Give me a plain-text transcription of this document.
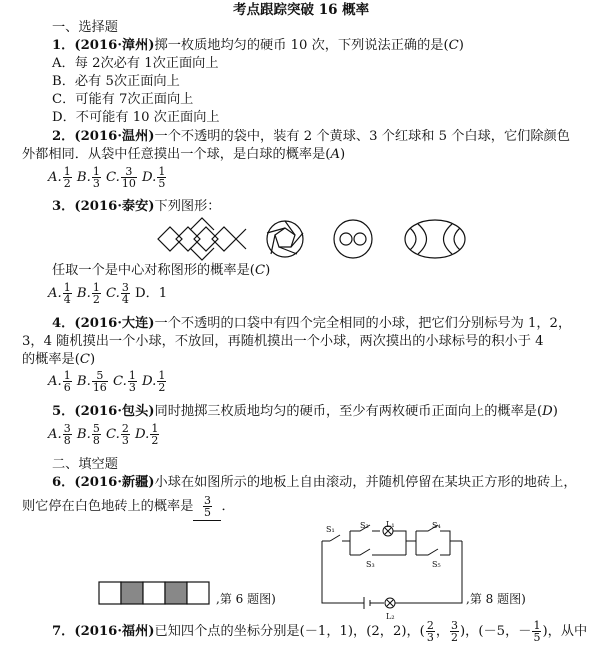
考点跟踪突破 16 概率
一、选择题
1．(2016·漳州)掷一枚质地均匀的硬币 10 次，下列说法正确的是(C)
A．每 2次必有 1次正面向上
B．必有 5次正面向上
C．可能有 7次正面向上
D．不可能有 10 次正面向上
2．(2016·温州)一个不透明的袋中，装有 2 个黄球、3 个红球和 5 个白球，它们除颜色
外都相同．从袋中任意摸出一个球，是白球的概率是(A)
A. $\frac{1}{2} B$. $\frac{1}{3} C$. $\frac{3}{10} D$. $\frac{1}{5}$
3．(2016·泰安)下列图形：
任取一个是中心对称图形的概率是(C)
A. $\frac{1}{4} B$. $\frac{1}{2} C$. $\frac{3}{4}$ D．1
4．(2016·大连)一个不透明的口袋中有四个完全相同的小球，把它们分别标号为 1，2，
3，4 随机摸出一个小球，不放回，再随机摸出一个小球，两次摸出的小球标号的积小于 4
的概率是(C)
A. $\frac{1}{6} B$. $\frac{5}{16} C$. $\frac{1}{3} D$. $\frac{1}{2}$
5．(2016·包头)同时抛掷三枚质地均匀的硬币，至少有两枚硬币正面向上的概率是(D)
A. $\frac{3}{8} B$. $\frac{5}{8} C$. $\frac{2}{3} D$. $\frac{1}{2}$
二、填空题
6．(2016·新疆)小球在如图所示的地板上自由滚动，并随机停留在某块正方形的地砖上，
则它停在白色地砖上的概率是 $\frac{3}{5}$ ．
,第 6 题图)
S₁	S₂ L₁	S₄
S₃	S₅
L₂
,第 8 题图)
7．(2016·福州)已知四个点的坐标分别是(－1，1)，(2，2)，( $\frac{2}{3}$ ， $\frac{3}{2}$ )，(－5，－ $\frac{1}{5}$ )，从中
